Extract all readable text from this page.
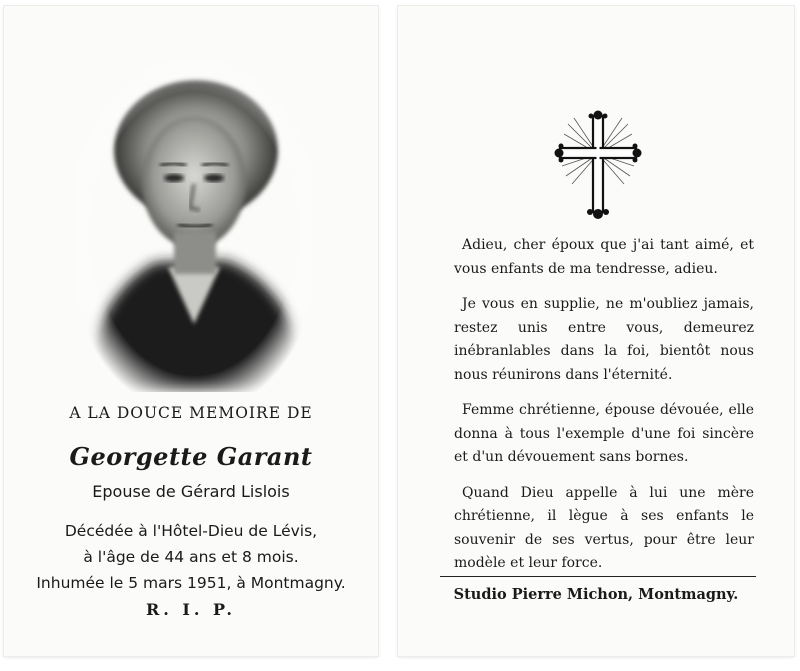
A LA DOUCE MEMOIRE DE
Georgette Garant
Epouse de Gérard Lislois
Décédée à l'Hôtel-Dieu de Lévis,
à l'âge de 44 ans et 8 mois.
Inhumée le 5 mars 1951, à Montmagny.
R. I. P.

Adieu, cher époux que j'ai tant aimé, et vous enfants de ma tendresse, adieu.

Je vous en supplie, ne m'oubliez jamais, restez unis entre vous, demeurez inébranlables dans la foi, bientôt nous nous réunirons dans l'éternité.

Femme chrétienne, épouse dévouée, elle donna à tous l'exemple d'une foi sincère et d'un dévouement sans bornes.

Quand Dieu appelle à lui une mère chrétienne, il lègue à ses enfants le souvenir de ses vertus, pour être leur modèle et leur force.

Studio Pierre Michon, Montmagny.
